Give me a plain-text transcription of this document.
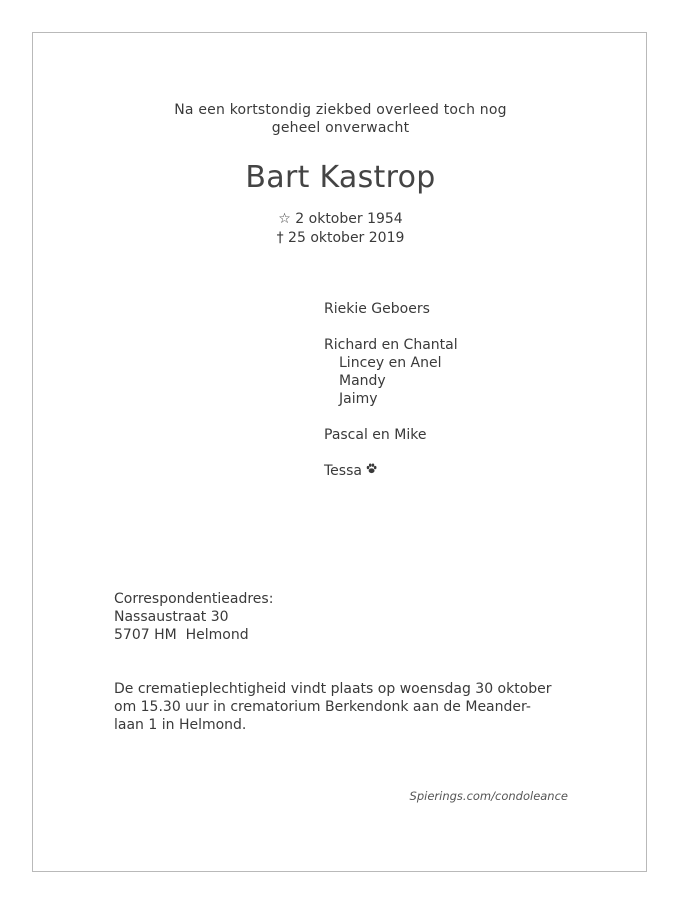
Na een kortstondig ziekbed overleed toch nog
geheel onverwacht
Bart Kastrop
☆ 2 oktober 1954
† 25 oktober 2019
Riekie Geboers
Richard en Chantal
Lincey en Anel
Mandy
Jaimy
Pascal en Mike
Tessa
Correspondentieadres:
Nassaustraat 30
5707 HM  Helmond
De crematieplechtigheid vindt plaats op woensdag 30 oktober
om 15.30 uur in crematorium Berkendonk aan de Meander-
laan 1 in Helmond.
Spierings.com/condoleance
